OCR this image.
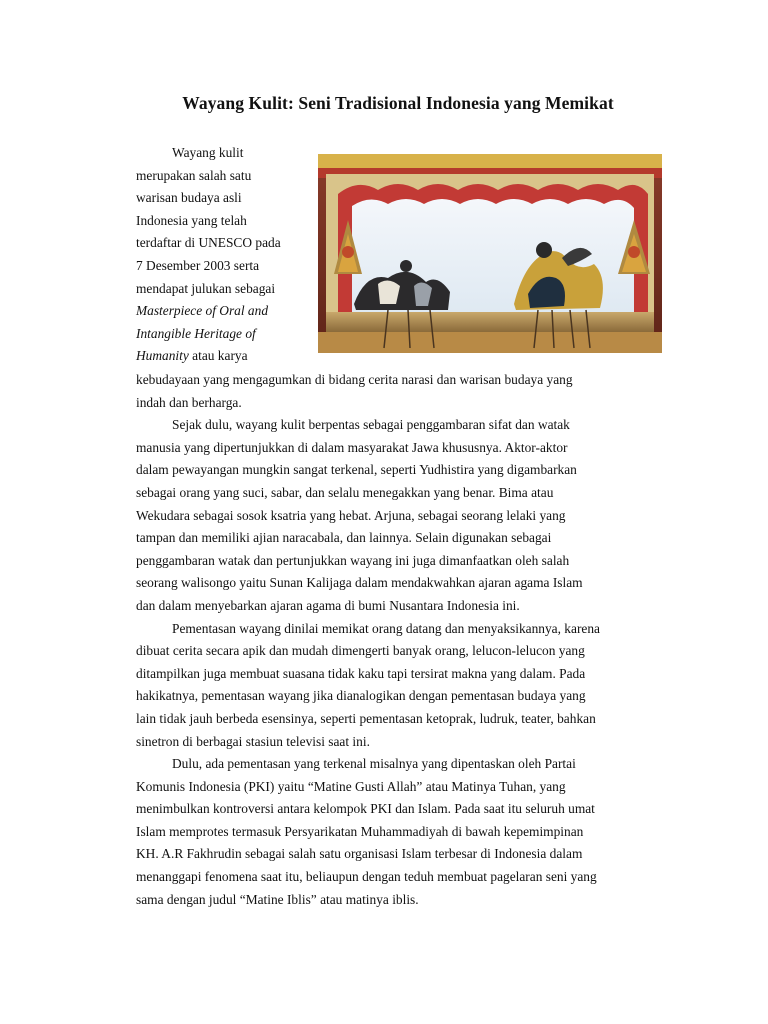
Wayang Kulit: Seni Tradisional Indonesia yang Memikat

Wayang kulit

merupakan salah satu

warisan budaya asli

Indonesia yang telah

terdaftar di UNESCO pada

7 Desember 2003 serta

mendapat julukan sebagai

Masterpiece of Oral and

Intangible Heritage of

Humanity atau karya

kebudayaan yang mengagumkan di bidang cerita narasi dan warisan budaya yang

indah dan berharga.

Sejak dulu, wayang kulit berpentas sebagai penggambaran sifat dan watak

manusia yang dipertunjukkan di dalam masyarakat Jawa khususnya. Aktor-aktor

dalam pewayangan mungkin sangat terkenal, seperti Yudhistira yang digambarkan

sebagai orang yang suci, sabar, dan selalu menegakkan yang benar. Bima atau

Wekudara sebagai sosok ksatria yang hebat. Arjuna, sebagai seorang lelaki yang

tampan dan memiliki ajian naracabala, dan lainnya. Selain digunakan sebagai

penggambaran watak dan pertunjukkan wayang ini juga dimanfaatkan oleh salah

seorang walisongo yaitu Sunan Kalijaga dalam mendakwahkan ajaran agama Islam

dan dalam menyebarkan ajaran agama di bumi Nusantara Indonesia ini.

Pementasan wayang dinilai memikat orang datang dan menyaksikannya, karena

dibuat cerita secara apik dan mudah dimengerti banyak orang, lelucon-lelucon yang

ditampilkan juga membuat suasana tidak kaku tapi tersirat makna yang dalam. Pada

hakikatnya, pementasan wayang jika dianalogikan dengan pementasan budaya yang

lain tidak jauh berbeda esensinya, seperti pementasan ketoprak, ludruk, teater, bahkan

sinetron di berbagai stasiun televisi saat ini.

Dulu, ada pementasan yang terkenal misalnya yang dipentaskan oleh Partai

Komunis Indonesia (PKI) yaitu “Matine Gusti Allah” atau Matinya Tuhan, yang

menimbulkan kontroversi antara kelompok PKI dan Islam. Pada saat itu seluruh umat

Islam memprotes termasuk Persyarikatan Muhammadiyah di bawah kepemimpinan

KH. A.R Fakhrudin sebagai salah satu organisasi Islam terbesar di Indonesia dalam

menanggapi fenomena saat itu, beliaupun dengan teduh membuat pagelaran seni yang

sama dengan judul “Matine Iblis” atau matinya iblis.
